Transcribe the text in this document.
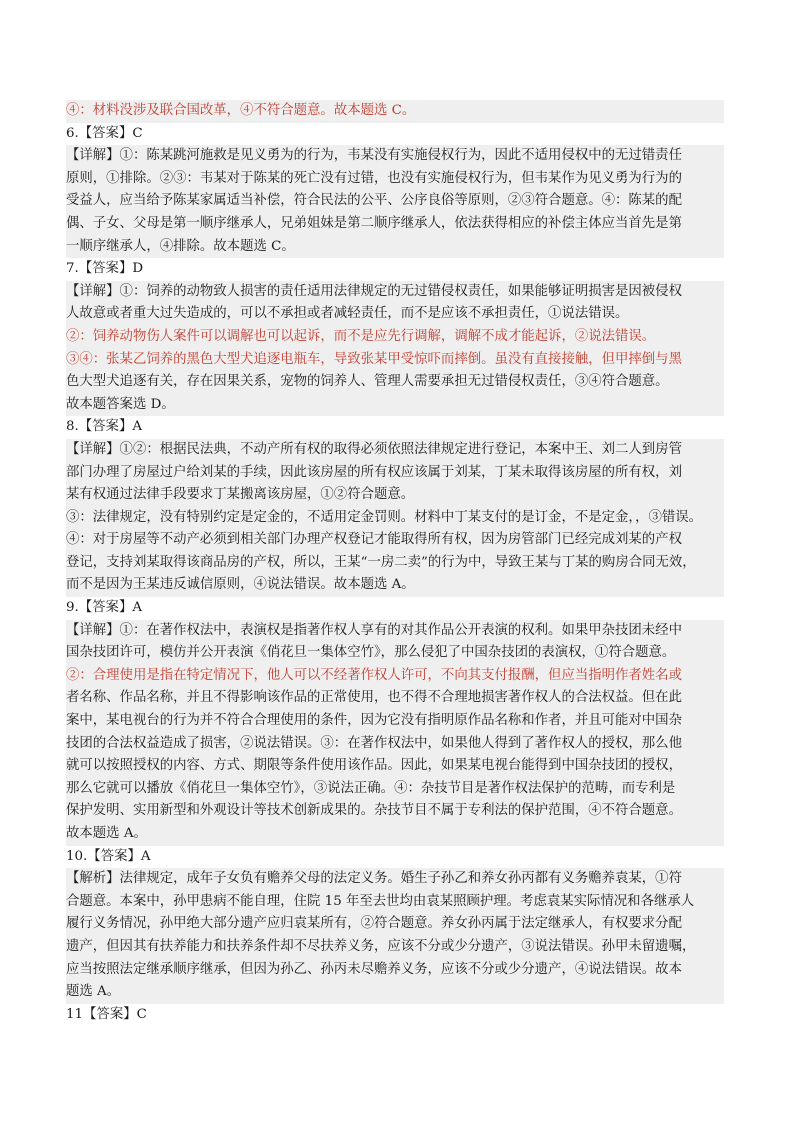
④：材料没涉及联合国改革，④不符合题意。故本题选 C。
6.【答案】C
【详解】①：陈某跳河施救是见义勇为的行为，韦某没有实施侵权行为，因此不适用侵权中的无过错责任
原则，①排除。②③：韦某对于陈某的死亡没有过错，也没有实施侵权行为，但韦某作为见义勇为行为的
受益人，应当给予陈某家属适当补偿，符合民法的公平、公序良俗等原则，②③符合题意。④：陈某的配
偶、子女、父母是第一顺序继承人，兄弟姐妹是第二顺序继承人，依法获得相应的补偿主体应当首先是第
一顺序继承人，④排除。故本题选 C。
7.【答案】D
【详解】①：饲养的动物致人损害的责任适用法律规定的无过错侵权责任，如果能够证明损害是因被侵权
人故意或者重大过失造成的，可以不承担或者减轻责任，而不是应该不承担责任，①说法错误。
②：饲养动物伤人案件可以调解也可以起诉，而不是应先行调解，调解不成才能起诉，②说法错误。
③④：张某乙饲养的黑色大型犬追逐电瓶车，导致张某甲受惊吓而摔倒。虽没有直接接触，但甲摔倒与黑
色大型犬追逐有关，存在因果关系，宠物的饲养人、管理人需要承担无过错侵权责任，③④符合题意。
故本题答案选 D。
8.【答案】A
【详解】①②：根据民法典，不动产所有权的取得必须依照法律规定进行登记，本案中王、刘二人到房管
部门办理了房屋过户给刘某的手续，因此该房屋的所有权应该属于刘某，丁某未取得该房屋的所有权，刘
某有权通过法律手段要求丁某搬离该房屋，①②符合题意。
③：法律规定，没有特别约定是定金的，不适用定金罚则。材料中丁某支付的是订金，不是定金，，③错误。
④：对于房屋等不动产必须到相关部门办理产权登记才能取得所有权，因为房管部门已经完成刘某的产权
登记，支持刘某取得该商品房的产权，所以，王某“一房二卖”的行为中，导致王某与丁某的购房合同无效，
而不是因为王某违反诚信原则，④说法错误。故本题选 A。
9.【答案】A
【详解】①：在著作权法中，表演权是指著作权人享有的对其作品公开表演的权利。如果甲杂技团未经中
国杂技团许可，模仿并公开表演《俏花旦一集体空竹》，那么侵犯了中国杂技团的表演权，①符合题意。
②：合理使用是指在特定情况下，他人可以不经著作权人许可，不向其支付报酬，但应当指明作者姓名或
者名称、作品名称，并且不得影响该作品的正常使用，也不得不合理地损害著作权人的合法权益。但在此
案中，某电视台的行为并不符合合理使用的条件，因为它没有指明原作品名称和作者，并且可能对中国杂
技团的合法权益造成了损害，②说法错误。③：在著作权法中，如果他人得到了著作权人的授权，那么他
就可以按照授权的内容、方式、期限等条件使用该作品。因此，如果某电视台能得到中国杂技团的授权，
那么它就可以播放《俏花旦一集体空竹》，③说法正确。④：杂技节目是著作权法保护的范畴，而专利是
保护发明、实用新型和外观设计等技术创新成果的。杂技节目不属于专利法的保护范围，④不符合题意。
故本题选 A。
10.【答案】A
【解析】法律规定，成年子女负有赡养父母的法定义务。婚生子孙乙和养女孙丙都有义务赡养袁某，①符
合题意。本案中，孙甲患病不能自理，住院 15 年至去世均由袁某照顾护理。考虑袁某实际情况和各继承人
履行义务情况，孙甲绝大部分遗产应归袁某所有，②符合题意。养女孙丙属于法定继承人，有权要求分配
遗产，但因其有扶养能力和扶养条件却不尽扶养义务，应该不分或少分遗产，③说法错误。孙甲未留遗嘱，
应当按照法定继承顺序继承，但因为孙乙、孙丙未尽赡养义务，应该不分或少分遗产，④说法错误。故本
题选 A。
11【答案】C
